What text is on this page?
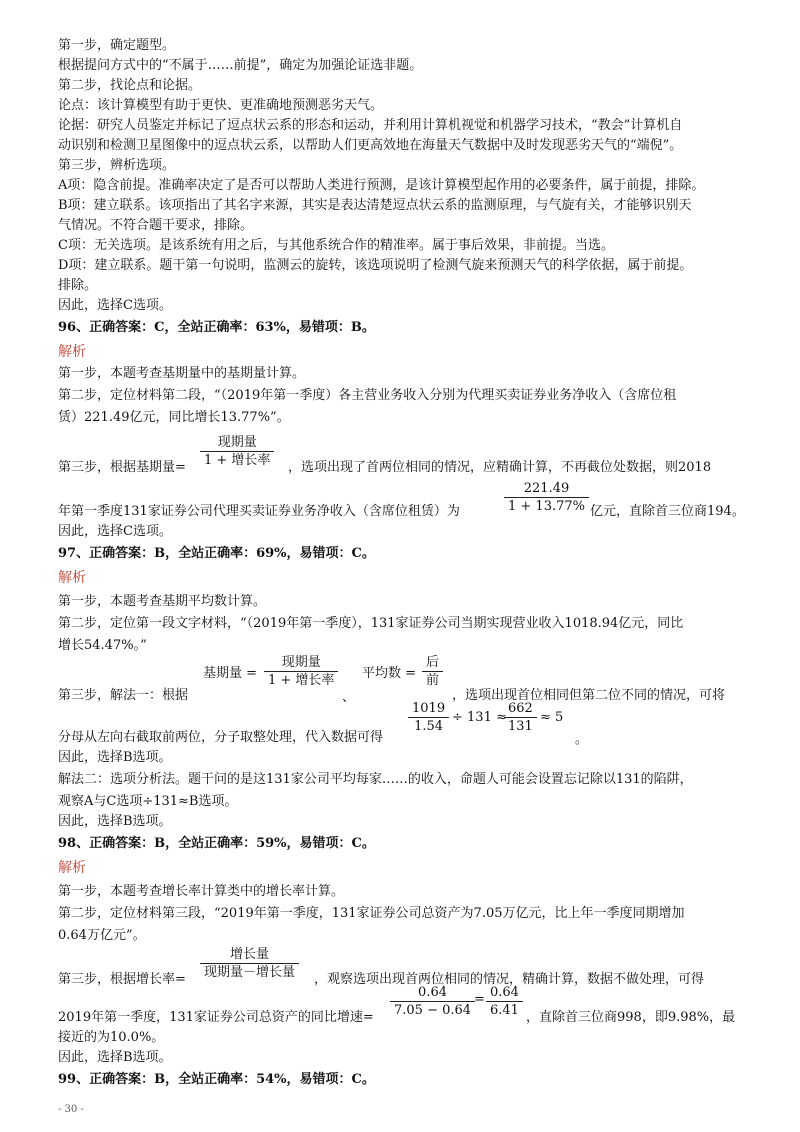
第一步，确定题型。
根据提问方式中的“不属于……前提”，确定为加强论证选非题。
第二步，找论点和论据。
论点：该计算模型有助于更快、更准确地预测恶劣天气。
论据：研究人员鉴定并标记了逗点状云系的形态和运动，并利用计算机视觉和机器学习技术，“教会”计算机自
动识别和检测卫星图像中的逗点状云系，以帮助人们更高效地在海量天气数据中及时发现恶劣天气的“端倪”。
第三步，辨析选项。
A项：隐含前提。准确率决定了是否可以帮助人类进行预测，是该计算模型起作用的必要条件，属于前提，排除。
B项：建立联系。该项指出了其名字来源，其实是表达清楚逗点状云系的监测原理，与气旋有关，才能够识别天
气情况。不符合题干要求，排除。
C项：无关选项。是该系统有用之后，与其他系统合作的精准率。属于事后效果，非前提。当选。
D项：建立联系。题干第一句说明，监测云的旋转，该选项说明了检测气旋来预测天气的科学依据，属于前提。
排除。
因此，选择C选项。
96、正确答案：C，全站正确率：63%，易错项：B。
解析
第一步，本题考查基期量中的基期量计算。
第二步，定位材料第二段，“（2019年第一季度）各主营业务收入分别为代理买卖证券业务净收入（含席位租
赁）221.49亿元，同比增长13.77%”。
第三步，根据基期量=
现期量
1 + 增长率	，选项出现了首两位相同的情况，应精确计算，不再截位处数据，则2018
年第一季度131家证券公司代理买卖证券业务净收入（含席位租赁）为
221.49
1 + 13.77% 亿元，直除首三位商194。
因此，选择C选项。
97、正确答案：B，全站正确率：69%，易错项：C。
解析
第一步，本题考查基期平均数计算。
第二步，定位第一段文字材料，“（2019年第一季度），131家证券公司当期实现营业收入1018.94亿元，同比
增长54.47%。”
第三步，解法一：根据
基期量 =
现期量
1 + 增长率
、
平均数 =
后
前
，选项出现首位相同但第二位不同的情况，可将
分母从左向右截取前两位，分子取整处理，代入数据可得
1019
1.54
÷ 131 ≈
662
131
≈ 5
。
因此，选择B选项。
解法二：选项分析法。题干问的是这131家公司平均每家……的收入，命题人可能会设置忘记除以131的陷阱，
观察A与C选项÷131≈B选项。
因此，选择B选项。
98、正确答案：B，全站正确率：59%，易错项：C。
解析
第一步，本题考查增长率计算类中的增长率计算。
第二步，定位材料第三段，“2019年第一季度，131家证券公司总资产为7.05万亿元，比上年一季度同期增加
0.64万亿元”。
第三步，根据增长率=
增长量
现期量－增长量	，观察选项出现首两位相同的情况，精确计算，数据不做处理，可得
2019年第一季度，131家证券公司总资产的同比增速=
0.64
7.05 − 0.64
= 0.64
6.41 ，直除首三位商998，即9.98%，最
接近的为10.0%。
因此，选择B选项。
99、正确答案：B，全站正确率：54%，易错项：C。
- 30 -
